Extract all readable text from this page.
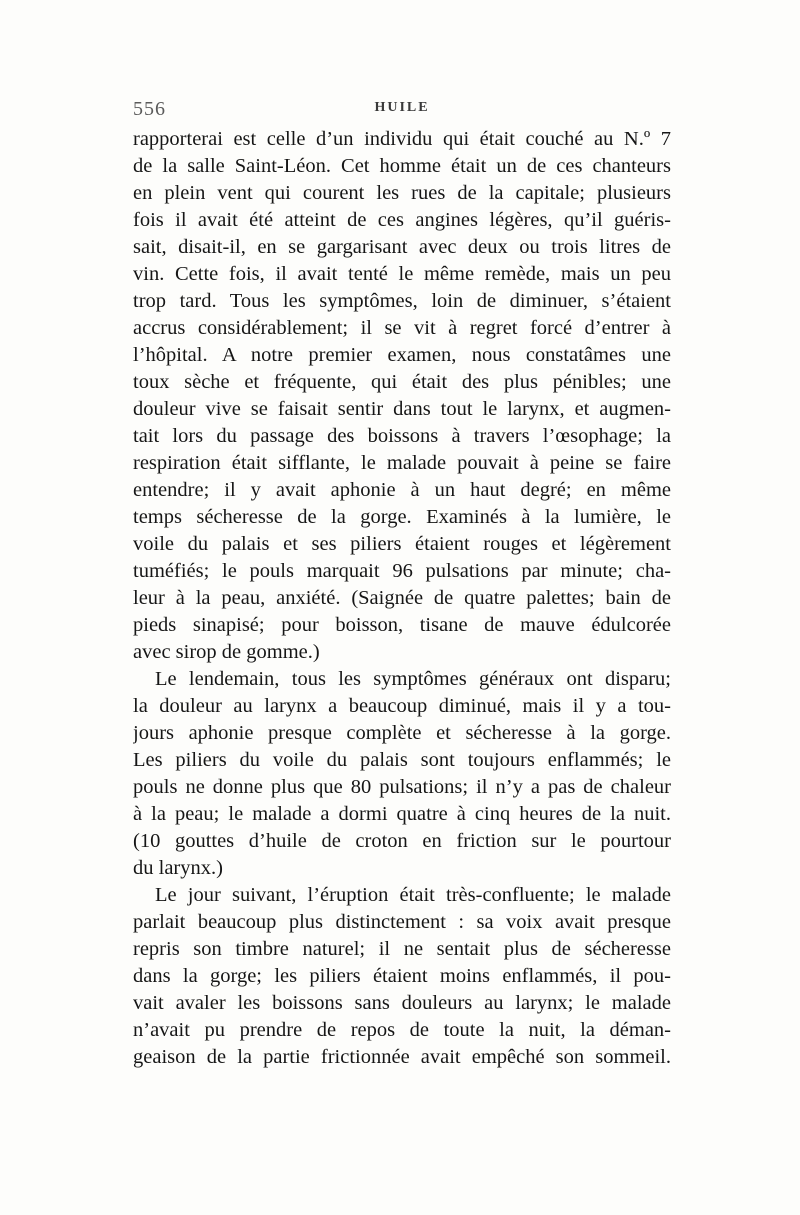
556	HUILE
rapporterai est celle d’un individu qui était couché au N.º 7
de la salle Saint-Léon. Cet homme était un de ces chanteurs
en plein vent qui courent les rues de la capitale; plusieurs
fois il avait été atteint de ces angines légères, qu’il guéris-
sait, disait-il, en se gargarisant avec deux ou trois litres de
vin. Cette fois, il avait tenté le même remède, mais un peu
trop tard. Tous les symptômes, loin de diminuer, s’étaient
accrus considérablement; il se vit à regret forcé d’entrer à
l’hôpital. A notre premier examen, nous constatâmes une
toux sèche et fréquente, qui était des plus pénibles; une
douleur vive se faisait sentir dans tout le larynx, et augmen-
tait lors du passage des boissons à travers l’œsophage; la
respiration était sifflante, le malade pouvait à peine se faire
entendre; il y avait aphonie à un haut degré; en même
temps sécheresse de la gorge. Examinés à la lumière, le
voile du palais et ses piliers étaient rouges et légèrement
tuméfiés; le pouls marquait 96 pulsations par minute; cha-
leur à la peau, anxiété. (Saignée de quatre palettes; bain de
pieds sinapisé; pour boisson, tisane de mauve édulcorée
avec sirop de gomme.)
Le lendemain, tous les symptômes généraux ont disparu;
la douleur au larynx a beaucoup diminué, mais il y a tou-
jours aphonie presque complète et sécheresse à la gorge.
Les piliers du voile du palais sont toujours enflammés; le
pouls ne donne plus que 80 pulsations; il n’y a pas de chaleur
à la peau; le malade a dormi quatre à cinq heures de la nuit.
(10 gouttes d’huile de croton en friction sur le pourtour
du larynx.)
Le jour suivant, l’éruption était très-confluente; le malade
parlait beaucoup plus distinctement : sa voix avait presque
repris son timbre naturel; il ne sentait plus de sécheresse
dans la gorge; les piliers étaient moins enflammés, il pou-
vait avaler les boissons sans douleurs au larynx; le malade
n’avait pu prendre de repos de toute la nuit, la déman-
geaison de la partie frictionnée avait empêché son sommeil.
